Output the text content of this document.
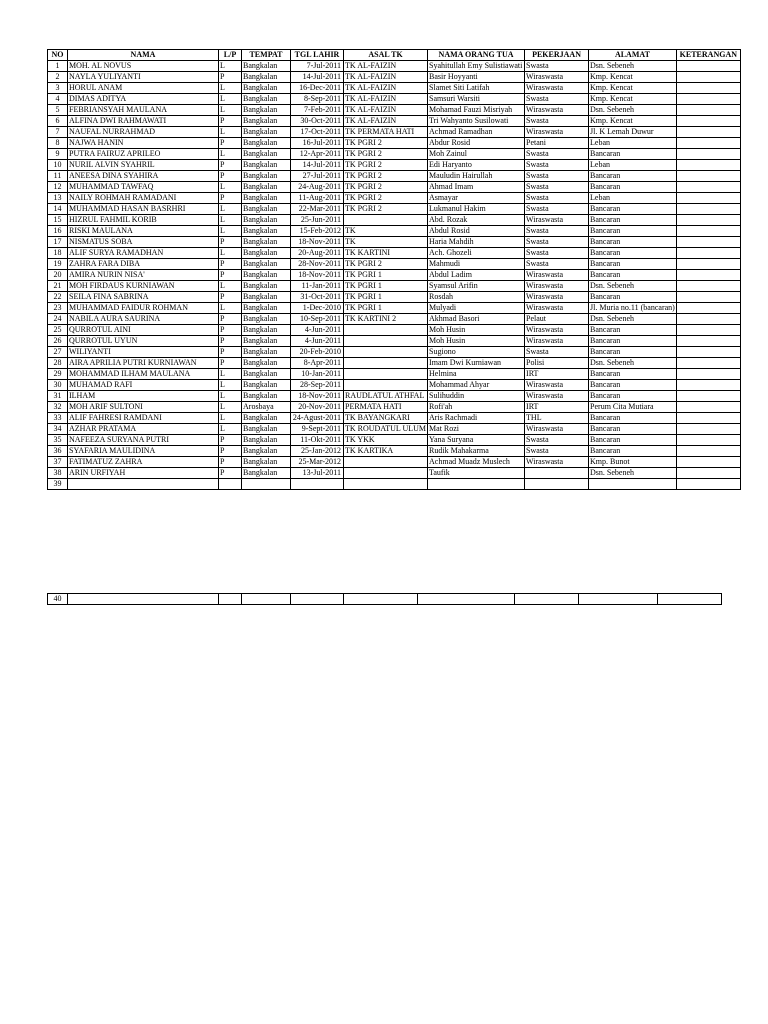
NO	NAMA	L/P	TEMPAT	TGL LAHIR	ASAL TK	NAMA ORANG TUA	PEKERJAAN	ALAMAT	KETERANGAN
1	MOH. AL NOVUS	L	Bangkalan	7-Jul-2011	TK AL-FAIZIN	Syahitullah Emy Sulistiawati	Swasta	Dsn. Sebeneh	
2	NAYLA YULIYANTI	P	Bangkalan	14-Jul-2011	TK AL-FAIZIN	Basir Hoyyanti	Wiraswasta	Kmp. Kencat	
3	HORUL ANAM	L	Bangkalan	16-Dec-2011	TK AL-FAIZIN	Slamet Siti Latifah	Wiraswasta	Kmp. Kencat	
4	DIMAS ADITYA	L	Bangkalan	8-Sep-2011	TK AL-FAIZIN	Samsuri Warsiti	Swasta	Kmp. Kencat	
5	FEBRIANSYAH MAULANA	L	Bangkalan	7-Feb-2011	TK AL-FAIZIN	Mohamad Fauzi Misriyah	Wiraswasta	Dsn. Sebeneh	
6	ALFINA DWI RAHMAWATI	P	Bangkalan	30-Oct-2011	TK AL-FAIZIN	Tri Wahyanto Susilowati	Swasta	Kmp. Kencat	
7	NAUFAL NURRAHMAD	L	Bangkalan	17-Oct-2011	TK PERMATA HATI	Achmad Ramadhan	Wiraswasta	Jl. K Lemah Duwur	
8	NAJWA HANIN	P	Bangkalan	16-Jul-2011	TK PGRI 2	Abdur Rosid	Petani	Leban	
9	PUTRA FAIRUZ APRILEO	L	Bangkalan	12-Apr-2011	TK PGRI 2	Moh Zainul	Swasta	Bancaran	
10	NURIL ALVIN SYAHRIL	P	Bangkalan	14-Jul-2011	TK PGRI 2	Edi Haryanto	Swasta	Leban	
11	ANEESA DINA SYAHIRA	P	Bangkalan	27-Jul-2011	TK PGRI 2	Mauludin Hairullah	Swasta	Bancaran	
12	MUHAMMAD TAWFAQ	L	Bangkalan	24-Aug-2011	TK PGRI 2	Ahmad Imam	Swasta	Bancaran	
13	NAILY ROHMAH RAMADANI	P	Bangkalan	11-Aug-2011	TK PGRI 2	Asmayar	Swasta	Leban	
14	MUHAMMAD HASAN BASRHRI	L	Bangkalan	22-Mar-2011	TK PGRI 2	Lukmanul Hakim	Swasta	Bancaran	
15	HIZRUL FAHMIL KORIB	L	Bangkalan	25-Jun-2011		Abd. Rozak	Wiraswasta	Bancaran	
16	RISKI MAULANA	L	Bangkalan	15-Feb-2012	TK	Abdul Rosid	Swasta	Bancaran	
17	NISMATUS SOBA	P	Bangkalan	18-Nov-2011	TK	Haria Mahdih	Swasta	Bancaran	
18	ALIF SURYA RAMADHAN	L	Bangkalan	20-Aug-2011	TK KARTINI	Ach. Ghozeli	Swasta	Bancaran	
19	ZAHRA FARA DIBA	P	Bangkalan	28-Nov-2011	TK PGRI 2	Mahmudi	Swasta	Bancaran	
20	AMIRA NURIN NISA'	P	Bangkalan	18-Nov-2011	TK PGRI 1	Abdul Ladim	Wiraswasta	Bancaran	
21	MOH FIRDAUS KURNIAWAN	L	Bangkalan	11-Jan-2011	TK PGRI 1	Syamsul Arifin	Wiraswasta	Dsn. Sebeneh	
22	SEILA FINA SABRINA	P	Bangkalan	31-Oct-2011	TK PGRI 1	Rosdah	Wiraswasta	Bancaran	
23	MUHAMMAD FAIDUR ROHMAN	L	Bangkalan	1-Dec-2010	TK PGRI 1	Mulyadi	Wiraswasta	Jl. Muria no.11 (bancaran)	
24	NABILA AURA SAURINA	P	Bangkalan	10-Sep-2011	TK KARTINI 2	Akhmad Basori	Pelaut	Dsn. Sebeneh	
25	QURROTUL AINI	P	Bangkalan	4-Jun-2011		Moh Husin	Wiraswasta	Bancaran	
26	QURROTUL UYUN	P	Bangkalan	4-Jun-2011		Moh Husin	Wiraswasta	Bancaran	
27	WILIYANTI	P	Bangkalan	20-Feb-2010		Sugiono	Swasta	Bancaran	
28	AIRA APRILIA PUTRI KURNIAWAN	P	Bangkalan	8-Apr-2011		Imam Dwi Kurniawan	Polisi	Dsn. Sebeneh	
29	MOHAMMAD ILHAM MAULANA	L	Bangkalan	10-Jan-2011		Helmina	IRT	Bancaran	
30	MUHAMAD RAFI	L	Bangkalan	28-Sep-2011		Mohammad Ahyar	Wiraswasta	Bancaran	
31	ILHAM	L	Bangkalan	18-Nov-2011	RAUDLATUL ATHFAL	Sulihuddin	Wiraswasta	Bancaran	
32	MOH ARIF SULTONI	L	Arosbaya	20-Nov-2011	PERMATA HATI	Rofi'ah	IRT	Perum Cita Mutiara	
33	ALIF FAHRESI RAMDANI	L	Bangkalan	24-Agust-2011	TK BAYANGKARI	Aris Rachmadi	THL	Bancaran	
34	AZHAR PRATAMA	L	Bangkalan	9-Sept-2011	TK ROUDATUL ULUM	Mat Rozi	Wiraswasta	Bancaran	
35	NAFEEZA SURYANA PUTRI	P	Bangkalan	11-Okt-2011	TK YKK	Yana Suryana	Swasta	Bancaran	
36	SYAFARIA MAULIDINA	P	Bangkalan	25-Jan-2012	TK KARTIKA	Rudik Mahakarma	Swasta	Bancaran	
37	FATIMATUZ ZAHRA	P	Bangkalan	25-Mar-2012		Achmad Muadz Muslech	Wiraswasta	Kmp. Bunot	
38	ARIN URFIYAH	P	Bangkalan	13-Jul-2011		Taufik		Dsn. Sebeneh	
39									
40									
